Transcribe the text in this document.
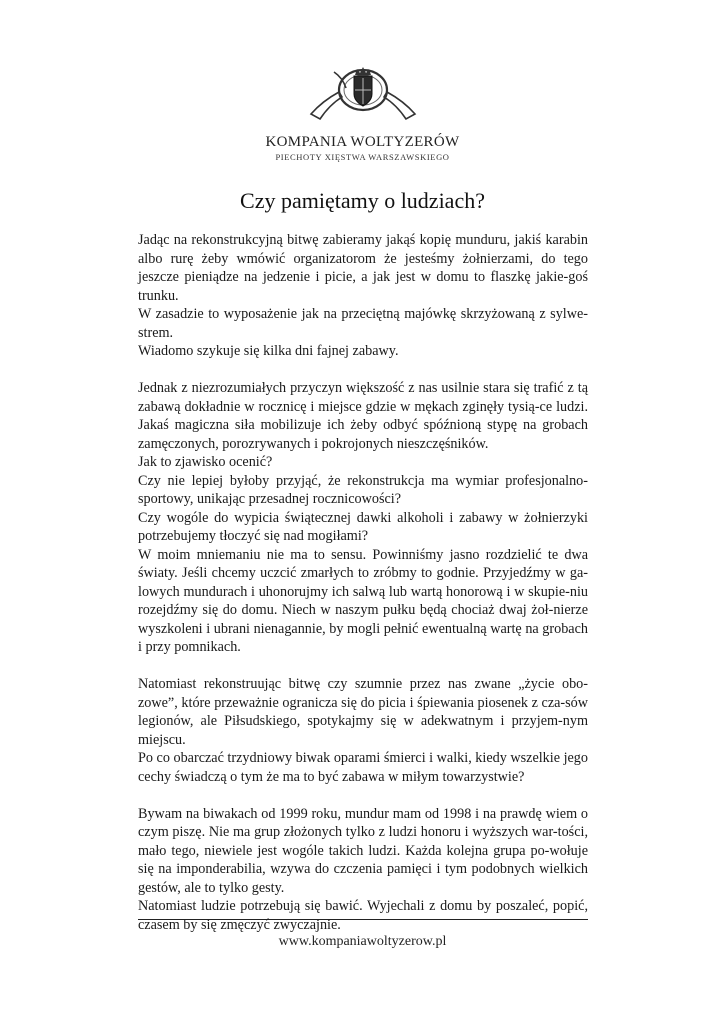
KOMPANIA WOLTYZERÓW
PIECHOTY XIĘSTWA WARSZAWSKIEGO
Czy pamiętamy o ludziach?

Jadąc na rekonstrukcyjną bitwę zabieramy jakąś kopię munduru, jakiś karabin albo rurę żeby wmówić organizatorom że jesteśmy żołnierzami, do tego jeszcze pieniądze na jedzenie i picie, a jak jest w domu to flaszkę jakie-goś trunku.
W zasadzie to wyposażenie jak na przeciętną majówkę skrzyżowaną z sylwe-strem.
Wiadomo szykuje się kilka dni fajnej zabawy.

Jednak z niezrozumiałych przyczyn większość z nas usilnie stara się trafić z tą zabawą dokładnie w rocznicę i miejsce gdzie w mękach zginęły tysią-ce ludzi. Jakaś magiczna siła mobilizuje ich żeby odbyć spóźnioną stypę na grobach zamęczonych, porozrywanych i pokrojonych nieszczęśników.
Jak to zjawisko ocenić?
Czy nie lepiej byłoby przyjąć, że rekonstrukcja ma wymiar profesjonalno-sportowy, unikając przesadnej rocznicowości?
Czy wogóle do wypicia świątecznej dawki alkoholi i zabawy w żołnierzyki potrzebujemy tłoczyć się nad mogiłami?
W moim mniemaniu nie ma to sensu. Powinniśmy jasno rozdzielić te dwa światy. Jeśli chcemy uczcić zmarłych to zróbmy to godnie. Przyjedźmy w ga-lowych mundurach i uhonorujmy ich salwą lub wartą honorową i w skupie-niu rozejdźmy się do domu. Niech w naszym pułku będą chociaż dwaj żoł-nierze wyszkoleni i ubrani nienagannie, by mogli pełnić ewentualną wartę na grobach i przy pomnikach.

Natomiast rekonstruując bitwę czy szumnie przez nas zwane „życie obo-zowe”, które przeważnie ogranicza się do picia i śpiewania piosenek z cza-sów legionów, ale Piłsudskiego, spotykajmy się w adekwatnym i przyjem-nym miejscu.
Po co obarczać trzydniowy biwak oparami śmierci i walki, kiedy wszelkie jego cechy świadczą o tym że ma to być zabawa w miłym towarzystwie?

Bywam na biwakach od 1999 roku, mundur mam od 1998 i na prawdę wiem o czym piszę. Nie ma grup złożonych tylko z ludzi honoru i wyższych war-tości, mało tego, niewiele jest wogóle takich ludzi. Każda kolejna grupa po-wołuje się na imponderabilia, wzywa do czczenia pamięci i tym podobnych wielkich gestów, ale to tylko gesty.
Natomiast ludzie potrzebują się bawić. Wyjechali z domu by poszaleć, popić, czasem by się zmęczyć zwyczajnie.

www.kompaniawoltyzerow.pl
